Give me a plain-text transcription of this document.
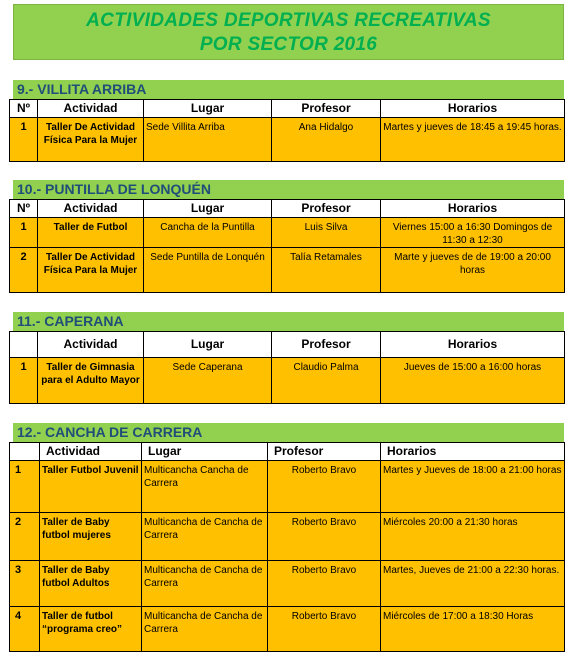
ACTIVIDADES DEPORTIVAS RECREATIVAS
POR SECTOR 2016
9.- VILLITA ARRIBA
Nº	Actividad	Lugar	Profesor	Horarios
1	Taller De Actividad Física Para la Mujer	Sede Villita Arriba	Ana Hidalgo	Martes y jueves de 18:45 a 19:45 horas.
10.- PUNTILLA DE LONQUÉN
Nº	Actividad	Lugar	Profesor	Horarios
1	Taller de Futbol	Cancha de la Puntilla	Luis Silva	Viernes 15:00 a 16:30 Domingos de 11:30 a 12:30
2	Taller De Actividad Física Para la Mujer	Sede Puntilla de Lonquén	Talía Retamales	Marte y jueves de de 19:00 a 20:00 horas
11.- CAPERANA
	Actividad	Lugar	Profesor	Horarios
1	Taller de Gimnasia para el Adulto Mayor	Sede Caperana	Claudio Palma	Jueves de 15:00 a 16:00 horas
12.- CANCHA DE CARRERA
	Actividad	Lugar	Profesor	Horarios
1	Taller Futbol Juvenil	Multicancha Cancha de Carrera	Roberto Bravo	Martes y Jueves de 18:00 a 21:00 horas
2	Taller de Baby futbol mujeres	Multicancha de Cancha de Carrera	Roberto Bravo	Miércoles 20:00 a 21:30 horas
3	Taller de Baby futbol Adultos	Multicancha de Cancha de Carrera	Roberto Bravo	Martes, Jueves de 21:00 a 22:30 horas.
4	Taller de futbol “programa creo”	Multicancha de Cancha de Carrera	Roberto Bravo	Miércoles de 17:00 a 18:30 Horas
